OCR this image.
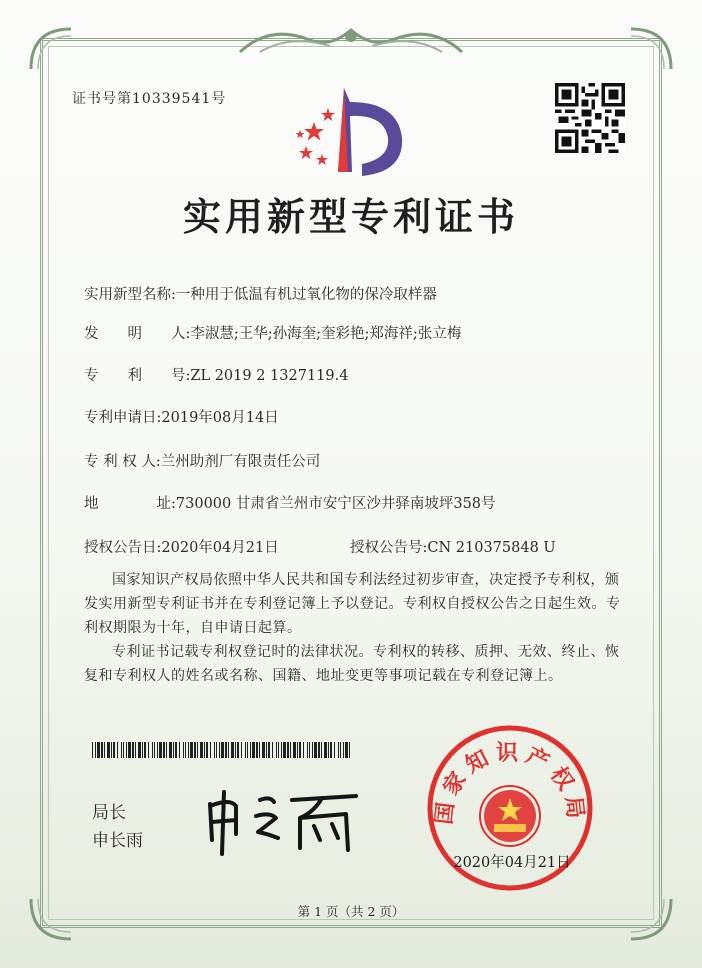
证书号第10339541号
实用新型专利证书
实用新型名称:一种用于低温有机过氧化物的保冷取样器
发　　明　　人:李淑慧;王华;孙海奎;奎彩艳;郑海祥;张立梅
专　　利　　号:ZL 2019 2 1327119.4
专利申请日:2019年08月14日
专 利 权 人:兰州助剂厂有限责任公司
地　　　　址:730000 甘肃省兰州市安宁区沙井驿南坡坪358号
授权公告日:2020年04月21日	授权公告号:CN 210375848 U
国家知识产权局依照中华人民共和国专利法经过初步审查，决定授予专利权，颁发实用新型专利证书并在专利登记簿上予以登记。专利权自授权公告之日起生效。专利权期限为十年，自申请日起算。
专利证书记载专利权登记时的法律状况。专利权的转移、质押、无效、终止、恢复和专利权人的姓名或名称、国籍、地址变更等事项记载在专利登记簿上。
局长
申长雨
国家知识产权局
2020年04月21日
第 1 页（共 2 页）
